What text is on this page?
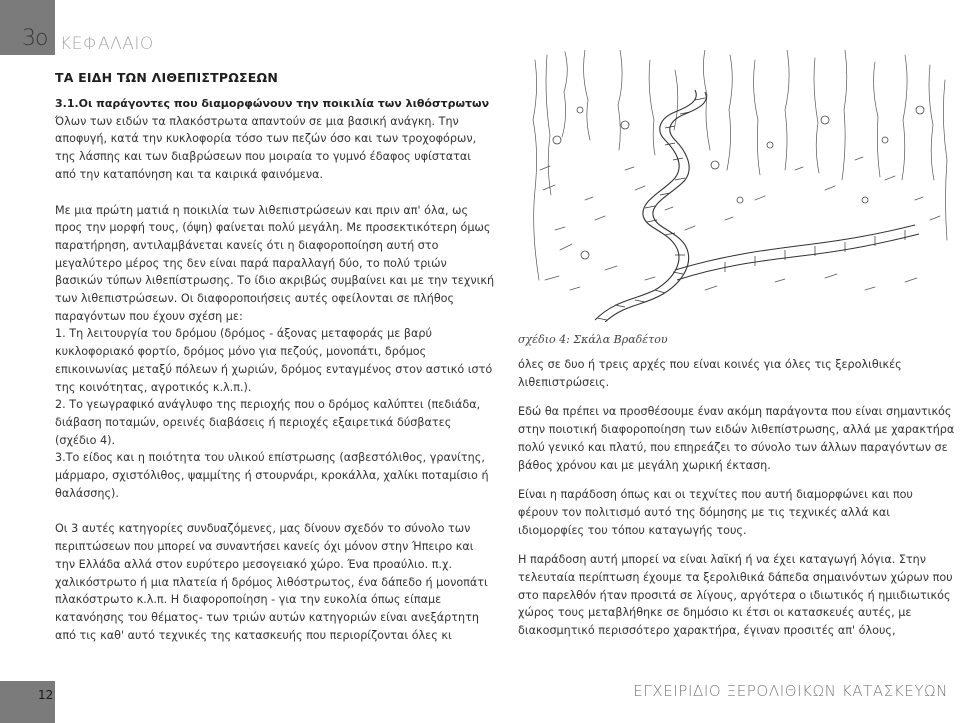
3o ΚΕΦΑΛΑΙΟ
ΤΑ ΕΙΔΗ ΤΩΝ ΛΙΘΕΠΙΣΤΡΩΣΕΩΝ

3.1.Οι παράγοντες που διαμορφώνουν την ποικιλία των λιθόστρωτων

Όλων των ειδών τα πλακόστρωτα απαντούν σε μια βασική ανάγκη. Την αποφυγή, κατά την κυκλοφορία τόσο των πεζών όσο και των τροχοφόρων, της λάσπης και των διαβρώσεων που μοιραία το γυμνό έδαφος υφίσταται από την καταπόνηση και τα καιρικά φαινόμενα.

Με μια πρώτη ματιά η ποικιλία των λιθεπιστρώσεων και πριν απ' όλα, ως προς την μορφή τους, (όψη) φαίνεται πολύ μεγάλη. Με προσεκτικότερη όμως παρατήρηση, αντιλαμβάνεται κανείς ότι η διαφοροποίηση αυτή στο μεγαλύτερο μέρος της δεν είναι παρά παραλλαγή δύο, το πολύ τριών βασικών τύπων λιθεπίστρωσης. Το ίδιο ακριβώς συμβαίνει και με την τεχνική των λιθεπιστρώσεων. Οι διαφοροποιήσεις αυτές οφείλονται σε πλήθος παραγόντων που έχουν σχέση με:

1. Τη λειτουργία του δρόμου (δρόμος - άξονας μεταφοράς με βαρύ κυκλοφοριακό φορτίο, δρόμος μόνο για πεζούς, μονοπάτι, δρόμος επικοινωνίας μεταξύ πόλεων ή χωριών, δρόμος ενταγμένος στον αστικό ιστό της κοινότητας, αγροτικός κ.λ.π.).

2. Το γεωγραφικό ανάγλυφο της περιοχής που ο δρόμος καλύπτει (πεδιάδα, διάβαση ποταμών, ορεινές διαβάσεις ή περιοχές εξαιρετικά δύσβατες (σχέδιο 4).

3.Το είδος και η ποιότητα του υλικού επίστρωσης (ασβεστόλιθος, γρανίτης, μάρμαρο, σχιστόλιθος, ψαμμίτης ή στουρνάρι, κροκάλλα, χαλίκι ποταμίσιο ή θαλάσσης).

Οι 3 αυτές κατηγορίες συνδυαζόμενες, μας δίνουν σχεδόν το σύνολο των περιπτώσεων που μπορεί να συναντήσει κανείς όχι μόνον στην Ήπειρο και την Ελλάδα αλλά στον ευρύτερο μεσογειακό χώρο. Ένα προαύλιο. π.χ. χαλικόστρωτο ή μια πλατεία ή δρόμος λιθόστρωτος, ένα δάπεδο ή μονοπάτι πλακόστρωτο κ.λ.π. Η διαφοροποίηση - για την ευκολία όπως είπαμε κατανόησης του θέματος- των τριών αυτών κατηγοριών είναι ανεξάρτητη από τις καθ' αυτό τεχνικές της κατασκευής που περιορίζονται όλες κι

σχέδιο 4: Σκάλα Βραδέτου

όλες σε δυο ή τρεις αρχές που είναι κοινές για όλες τις ξερολιθικές λιθεπιστρώσεις.

Εδώ θα πρέπει να προσθέσουμε έναν ακόμη παράγοντα που είναι σημαντικός στην ποιοτική διαφοροποίηση των ειδών λιθεπίστρωσης, αλλά με χαρακτήρα πολύ γενικό και πλατύ, που επηρεάζει το σύνολο των άλλων παραγόντων σε βάθος χρόνου και με μεγάλη χωρική έκταση.

Είναι η παράδοση όπως και οι τεχνίτες που αυτή διαμορφώνει και που φέρουν τον πολιτισμό αυτό της δόμησης με τις τεχνικές αλλά και ιδιομορφίες του τόπου καταγωγής τους.

Η παράδοση αυτή μπορεί να είναι λαϊκή ή να έχει καταγωγή λόγια. Στην τελευταία περίπτωση έχουμε τα ξερολιθικά δάπεδα σημαινόντων χώρων που στο παρελθόν ήταν προσιτά σε λίγους, αργότερα ο ιδιωτικός ή ημιιδιωτικός χώρος τους μεταβλήθηκε σε δημόσιο κι έτσι οι κατασκευές αυτές, με διακοσμητικό περισσότερο χαρακτήρα, έγιναν προσιτές απ' όλους,

12	ΕΓΧΕΙΡΙΔΙΟ ΞΕΡΟΛΙΘΙΚΩΝ ΚΑΤΑΣΚΕΥΩΝ
